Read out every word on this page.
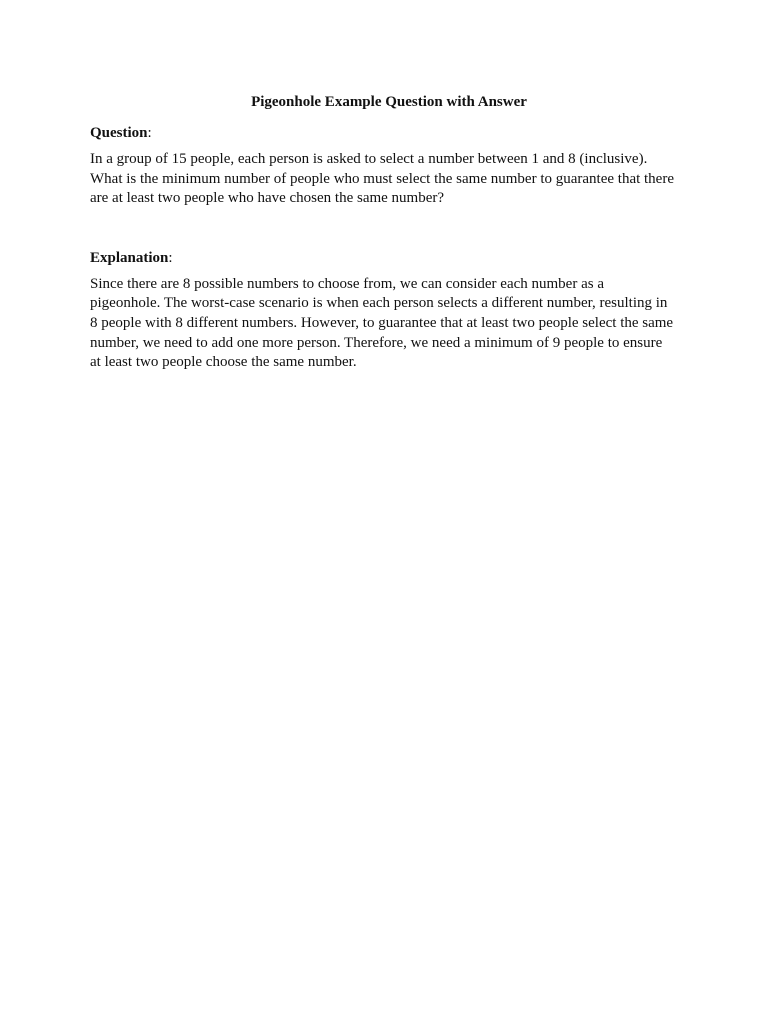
Pigeonhole Example Question with Answer
Question:

In a group of 15 people, each person is asked to select a number between 1 and 8 (inclusive).
What is the minimum number of people who must select the same number to guarantee that there
are at least two people who have chosen the same number?

Explanation:

Since there are 8 possible numbers to choose from, we can consider each number as a
pigeonhole. The worst-case scenario is when each person selects a different number, resulting in
8 people with 8 different numbers. However, to guarantee that at least two people select the same
number, we need to add one more person. Therefore, we need a minimum of 9 people to ensure
at least two people choose the same number.
